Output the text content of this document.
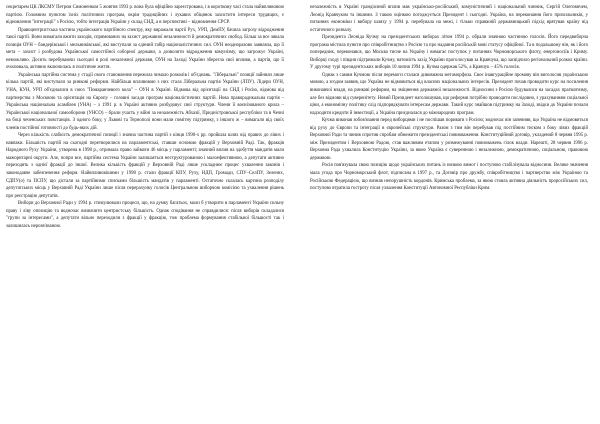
секретарем ЦК ЛКСМУ Петром Симоненком 5 жовтня 1993 р. вона була офіційно зареєстрована, і в короткому часі стала найвпливовою партією. Головним пунктом їхніх політичних програм, окрім традиційних і лукавих обіцянок захистити інтереси трудящих, є відновлення "інтеграції" з Росією, тобто інтеграція України у склад СНД, а в перспективі – відновлення СРСР.

Правоцентристська частина українського партійного спектру, яку виражали партії Рух, УРП, ДемПУ, бачила загрозу відродження такої партії. Вони вимагали вжити заходів, спрямованих на захист державної незалежності й демократичних свобод. Більш за все лякала позиція ОУН – бандерівської і мельниківської, які виступали за єдиний табір націоналістичних сил. ОУН неодноразово заявляла, що її мета – захист і розбудова Української самостійної соборної держави, а дозволити відродження комунізму, що загрожує Україні, неможливо. Досить перебуваючи сьогодні в ролі незалежної держави, ОУН на Заході України зберегла свої впливи, а партія, що її очолювала, активно включилась в політичне життя.

Українська партійна система у стадії свого становлення пережила чимало розколів і об'єднань. "Ліберальні" позиції зайняли лише кілька партій, які виступали за ринкові реформи. Найбільш впливовою з них стала Ліберальна партія України (ЛПУ). Лідери ОУН, УНА, КУН, УРП об'єдналися в союз "Помаранчевого кола" – ОУН в Україні. Відмова від орієнтації на СНД і Росію, відмова від партнерства з Москвою та орієнтація на Європу – головні засади програм націоналістичних партій. Нова праворадикальна партія – Українська національна асамблея (УНА) – з 1991 р. в Україні активно розбудовує свої структури. Члени її воєнізованого крила – Української національної самооборони (УНСО) – брали участь у війні за незалежність Абхазії, Придністровської республіки та в Чечні на боці чеченських повстанців. З одного боку, у Львові та Тернополі вони мали помітну підтримку, з іншого ж – вимагали від своїх членів постійної готовності до будь-яких дій.

Через кількість слабкість демократичної позиції і значна частина партій з кінця 1990-х рр. пройшла шлях від правих до лівих і навпаки. Більшість партій на сьогодні перетворилися на парламентські, ставши основою фракцій у Верховній Раді. Так, фракція Народного Руху України, утворена в 1998 р., отримала право займати 46 місць у парламенті; значний вплив на здобуття мандатів мали мажоритарні округи. Але, попри все, партійна система України залишається неструктурованою і малоефективною, а депутати активно переходять з однієї фракції до іншої. Велика кількість фракцій у Верховній Раді лише ускладнює процес ухвалення законів і законодавче забезпечення реформ. Найвпливовішими у 1998 р. стали фракції КПУ, Руху, НДП, Громади, СПУ–СелПУ, Зелених, СДПУ(о) та ПСПУ, що дістали за партійними списками більшість мандатів у парламенті. Остаточно склалась картина розподілу депутатських місць у Верховній Раді України лише після перерахунку голосів Центральною виборчою комісією та ухвалення рішень про реєстрацію депутатів.

Вибори до Верховної Ради у 1994 р. стимулювали процеси, що, на думку багатьох, мали б утворити в парламенті України сильну праву і ліву опозицію та водночас визначити центристську більшість. Однак сподівання не справдилися: після виборів складалися "групи за інтересами", а депутати вільно переходили з фракції у фракцію, тож проблема формування стабільної більшості так і залишилась нерозв'язаною.

незалежність в Україні грандіозний вплив мав українсько-російський, комуністичний і національний чинник, Сергій Олеговичем, Леонід Кравчуком та іншими. З такою оцінкою погоджується Президент і сьогодні. Україна, на переконання його прихильників, у питаннях економіки і вибору шляху у 1994 р. перебувала на межі, і тільки справжній державницький підхід врятував країну від остаточного розвалу.

Президента Леоніда Кучму на президентських виборах літом 1994 р. обрали значною частиною голосів. Його передвиборча програма містила пункти про співробітництво з Росією та про надання російській мові статусу офіційної. Та в подальшому він, як і його попередник, переконався, що Москва тисне на Україну і вимагає поступок у питаннях Чорноморського флоту, енергоносіїв і Криму. Виборці сходу і півдня підтримали Кучму, натомість захід України проголосував за Кравчука, що засвідчило регіональний розкол країни. У другому турі президентських виборів 10 липня 1994 р. Кучма одержав 52%, а Кравчук – 45% голосів.

Однак з самим Кучмою після перемоги сталася дивовижна метаморфоза. Своє інавгураційне промову він виголосив українською мовою, а згодом заявив, що Україна не відмовиться від власних національних інтересів. Президент почав проводити курс на посилення виконавчої влади, на ринкові реформи, на зміцнення державної незалежності. Відносини з Росією будувалися на засадах прагматизму, але без відмови від суверенітету. Новий Президент наголошував, що реформи потрібно проводити послідовно, з урахуванням соціальної ціни, а економічну політику слід підпорядкувати інтересам держави. Такий курс знайшов підтримку на Заході, звідки до України почали надходити кредити й інвестиції, а Україна приєдналася до міжнародних програм.

Кучма виконав зобов'язання перед виборцями і не поспішав поривати з Росією; водночас він запевняв, що Україна не відмовиться від руху до Європи та інтеграції в європейські структури. Разом з тим він перебував під постійним тиском з боку лівих фракцій Верховної Ради та чинив спротив спробам обмежити президентські повноваження. Конституційний договір, укладений 8 червня 1995 р. між Президентом і Верховною Радою, став важливим етапом у розмежуванні повноважень гілок влади. Нарешті, 28 червня 1996 р. Верховна Рада ухвалила Конституцію України, за якою Україна є суверенною і незалежною, демократичною, соціальною, правовою державою.

Росія пов'язувала свою позицію щодо українських питань із низкою вимог і поступово стабілізувала відносини. Велике значення мала угода про Чорноморський флот, підписана в 1997 р., та Договір про дружбу, співробітництво і партнерство між Україною та Російською Федерацією, що визнав непорушність кордонів. Кримська проблема, за якою стояла активна діяльність проросійських сил, поступово втратила гостроту після ухвалення Конституції Автономної Республіки Крим.
